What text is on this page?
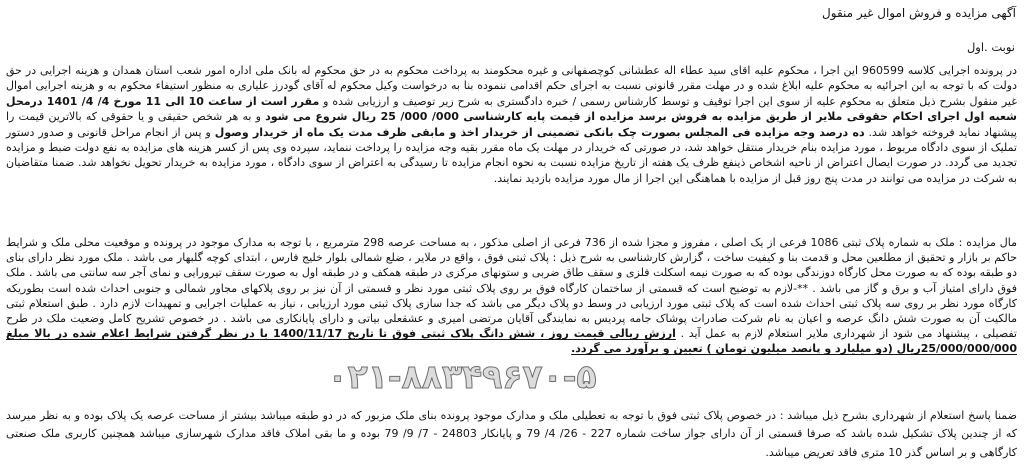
آگهی مزایده و فروش اموال غیر منقول
نوبت .اول

در پرونده اجرایی کلاسه 960599 این اجرا ، محکوم علیه اقای سید عطاء اله عطشانی کوچصفهانی و غیره محکومند به پرداخت محکوم به در حق محکوم له بانک ملی اداره امور شعب استان همدان و هزینه اجرایی در حق دولت که با توجه به این اجرائیه به محکوم علیه ابلاغ شده و در مهلت مقرر قانونی نسبت به اجرای حکم اقدامی ننموده بنا به درخواست وکیل محکوم له آقای گودرز علیاری به منظور استیفاء محکوم به و هزینه اجرایی اموال غیر منقول بشرح ذیل متعلق به محکوم علیه از سوی این اجرا توقیف و توسط کارشناس رسمی / خبره دادگستری به شرح زیر توصیف و ارزیابی شده و مقرر است از ساعت 10 الی 11 مورخ 4/ 4/ 1401 درمحل شعبه اول اجرای احکام حقوقی ملایر از طریق مزایده به فروش برسد مزایده از قیمت پایه کارشناسی 000/ 000/ 25 ریال شروع می شود و به هر شخص حقیقی و یا حقوقی که بالاترین قیمت را پیشنهاد نماید فروخته خواهد شد. ده درصد وجه مزایده فی المجلس بصورت چک بانکی تضمینی از خریدار اخذ و مابقی ظرف مدت یک ماه از خریدار وصول و پس از انجام مراحل قانونی و صدور دستور تملیک از سوی دادگاه مربوط ، مورد مزایده بنام خریدار منتقل خواهد شد، در صورتی که خریدار در مهلت یک ماه مقرر بقیه وجه مزایده را پرداخت ننماید، سپرده وی پس از کسر هزینه های مزایده به نفع دولت ضبط و مزایده تجدید می گردد. در صورت ایصال اعتراض از ناحیه اشخاص ذینفع ظرف یک هفته از تاریخ مزایده نسبت به نحوه انجام مزایده تا رسیدگی به اعتراض از سوی دادگاه ، مورد مزایده به خریدار تحویل نخواهد شد. ضمنا متقاضیان به شرکت در مزایده می توانند در مدت پنج روز قبل از مزایده با هماهنگی این اجرا از مال مورد مزایده بازدید نمایند.

مال مزایده : ملک به شماره پلاک ثبتی 1086 فرعی از یک اصلی ، مفروز و مجزا شده از 736 فرعی از اصلی مذکور ، به مساحت عرصه 298 مترمربع ، با توجه به مدارک موجود در پرونده و موقعیت محلی ملک و شرایط حاکم بر بازار و تحقیق از مطلعین محل و قدمت بنا و کیفیت ساخت ، گزارش کارشناسی به شرح ذیل : پلاک ثبتی فوق ، واقع در ملایر ، ضلع شمالی بلوار خلیج فارس ، ابتدای کوچه گلبهار می باشد . ملک مورد نظر دارای بنای دو طبقه بوده که به صورت محل کارگاه دوزندگی بوده که به صورت نیمه اسکلت فلزی و سقف طاق ضربی و ستونهای مرکزی در طبقه همکف و در طبقه اول به صورت سقف تیرورایی و نمای آجر سه سانتی می باشد . ملک فوق دارای امتیاز آب و برق و گاز می باشد . **-لازم به توضیح است که قسمتی از ساختمان کارگاه فوق بر روی پلاک ثبتی مورد نظر و قسمتی از آن نیز بر روی پلاکهای مجاور شمالی و جنوبی احداث شده است بطوریکه کارگاه مورد نظر بر روی سه پلاک ثبتی احداث شده است که پلاک ثبتی مورد ارزیابی در وسط دو پلاک دیگر می باشد که جدا سازی پلاک ثبتی مورد ارزیابی ، نیاز به عملیات اجرایی و تمهیدات لازم دارد . طبق استعلام ثبتی مالکیت آن به صورت شش دانگ عرصه و اعیان به نام شرکت صادرات پوشاک جامه پردیس به نمایندگی آقایان مرتضی امیری و عشقعلی بیاتی و دارای پایانکاری می باشد . در خصوص تشریح کامل وضعیت ملک در طرح تفصیلی ، پیشنهاد می شود از شهرداری ملایر استعلام لازم به عمل آید . ارزش ریالی قیمت روز ، شش دانگ پلاک ثبتی فوق تا تاریخ 1400/11/17 با در نظر گرفتن شرایط اعلام شده در بالا مبلغ 25/000/000/000ریال (دو میلیارد و پانصد میلیون تومان ) تعیین و برآورد می گردد.

۰۲۱-۸۸۳۴۹۶۷۰-۵

ضمنا پاسخ استعلام از شهرداری بشرح ذیل میباشد : در خصوص پلاک ثبتی فوق با توجه به تعطیلی ملک و مدارک موجود پرونده بنای ملک مزبور که در دو طبقه میباشد بیشتر از مساحت عرصه یک پلاک بوده و به نظر میرسد که از چندین پلاک تشکیل شده باشد که صرفا قسمتی از آن دارای جواز ساخت شماره 227 - 26/ 4/ 79 و پایانکار 24803 - 7/ 9/ 79 بوده و ما بقی املاک فاقد مدارک شهرسازی میباشد همچنین کاربری ملک صنعتی کارگاهی و بر اساس گذر 10 متری فاقد تعریض میباشد.
